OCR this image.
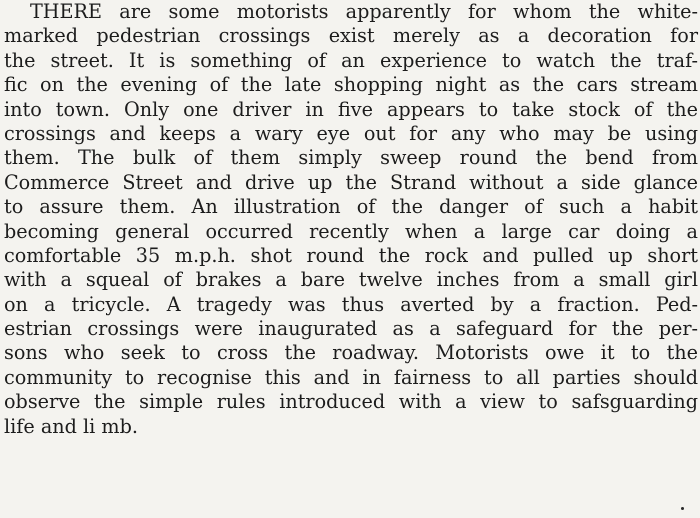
THERE are some motorists apparently for whom the white-
marked pedestrian crossings exist merely as a decoration for
the street. It is something of an experience to watch the traf-
fic on the evening of the late shopping night as the cars stream
into town. Only one driver in five appears to take stock of the
crossings and keeps a wary eye out for any who may be using
them. The bulk of them simply sweep round the bend from
Commerce Street and drive up the Strand without a side glance
to assure them. An illustration of the danger of such a habit
becoming general occurred recently when a large car doing a
comfortable 35 m.p.h. shot round the rock and pulled up short
with a squeal of brakes a bare twelve inches from a small girl
on a tricycle. A tragedy was thus averted by a fraction. Ped-
estrian crossings were inaugurated as a safeguard for the per-
sons who seek to cross the roadway. Motorists owe it to the
community to recognise this and in fairness to all parties should
observe the simple rules introduced with a view to safsguarding
life and li mb.
